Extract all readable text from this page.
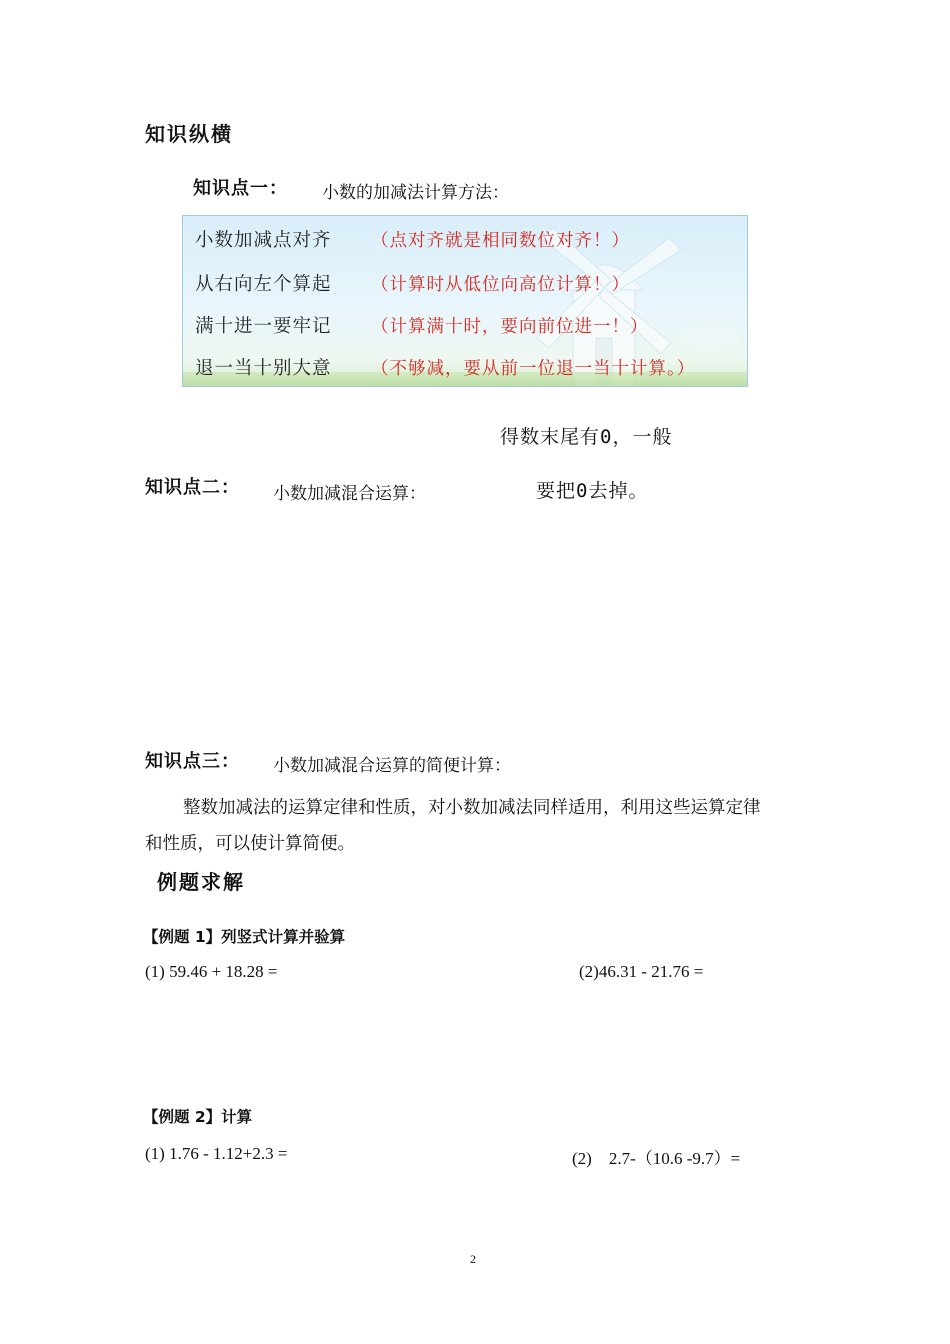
知识纵横
知识点一： 小数的加减法计算方法：
小数加减点对齐	（点对齐就是相同数位对齐！）
从右向左个算起	（计算时从低位向高位计算！）
满十进一要牢记	（计算满十时，要向前位进一！）
退一当十别大意	（不够减，要从前一位退一当十计算。）
得数末尾有0，一般
要把0去掉。
知识点二： 小数加减混合运算：
知识点三： 小数加减混合运算的简便计算：
整数加减法的运算定律和性质，对小数加减法同样适用，利用这些运算定律
和性质，可以使计算简便。
例题求解
【例题 1】列竖式计算并验算
(1) 59.46 + 18.28 =	(2)46.31 - 21.76 =
【例题 2】计算
(1) 1.76 - 1.12+2.3 =	(2)    2.7-（10.6 -9.7）=
2
